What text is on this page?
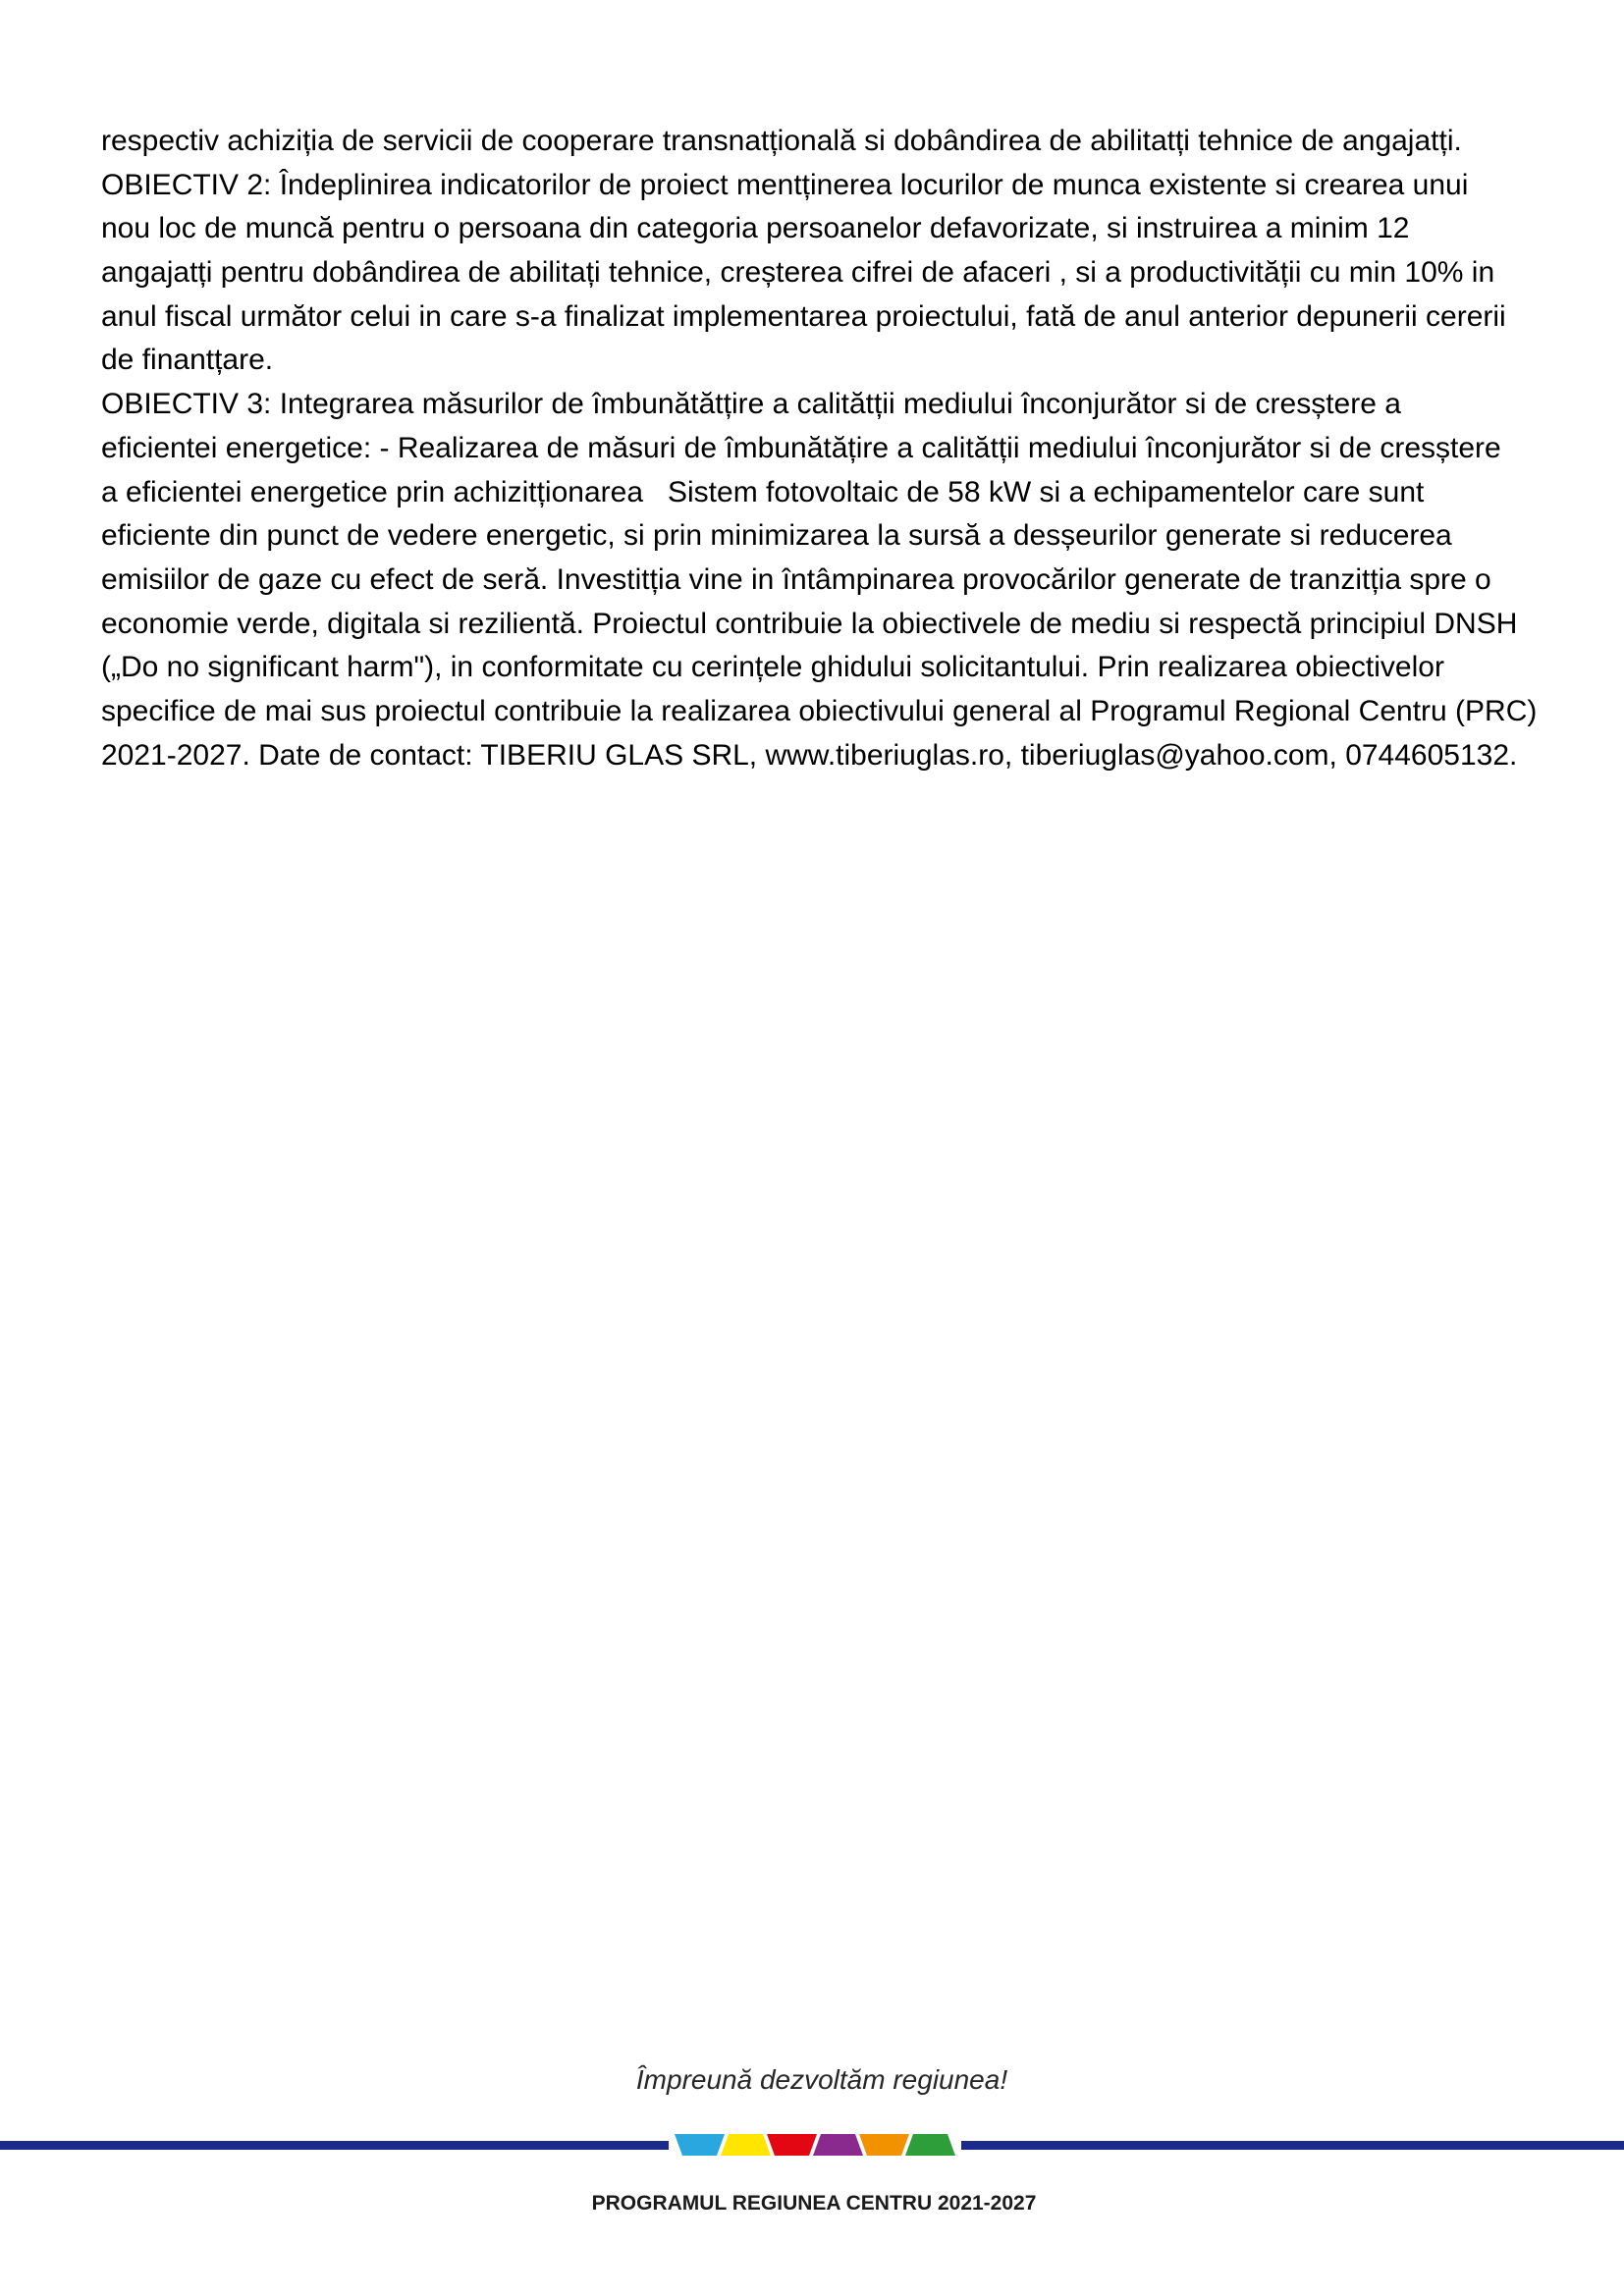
respectiv achiziția de servicii de cooperare transnatțională si dobândirea de abilitatți tehnice de angajatți.
OBIECTIV 2: Îndeplinirea indicatorilor de proiect mentținerea locurilor de munca existente si crearea unui
nou loc de muncă pentru o persoana din categoria persoanelor defavorizate, si instruirea a minim 12
angajatți pentru dobândirea de abilitați tehnice, creșterea cifrei de afaceri , si a productivității cu min 10% in
anul fiscal următor celui in care s-a finalizat implementarea proiectului, fată de anul anterior depunerii cererii
de finantțare.
OBIECTIV 3: Integrarea măsurilor de îmbunătătțire a calitătții mediului înconjurător si de cresștere a
eficientei energetice: - Realizarea de măsuri de îmbunătățire a calitătții mediului înconjurător si de cresștere
a eficientei energetice prin achizitționarea   Sistem fotovoltaic de 58 kW si a echipamentelor care sunt
eficiente din punct de vedere energetic, si prin minimizarea la sursă a desșeurilor generate si reducerea
emisiilor de gaze cu efect de seră. Investitția vine in întâmpinarea provocărilor generate de tranzitția spre o
economie verde, digitala si rezilientă. Proiectul contribuie la obiectivele de mediu si respectă principiul DNSH
(„Do no significant harm"), in conformitate cu cerințele ghidului solicitantului. Prin realizarea obiectivelor
specifice de mai sus proiectul contribuie la realizarea obiectivului general al Programul Regional Centru (PRC)
2021-2027. Date de contact: TIBERIU GLAS SRL, www.tiberiuglas.ro, tiberiuglas@yahoo.com, 0744605132.
Împreună dezvoltăm regiunea!
PROGRAMUL REGIUNEA CENTRU 2021-2027
